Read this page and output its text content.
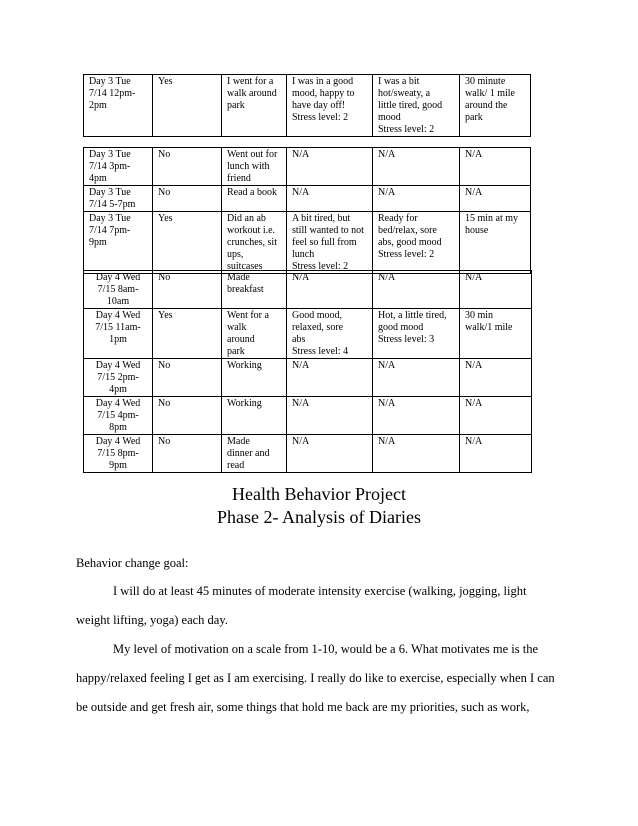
Day 3 Tue
7/14 12pm-
2pm	Yes	I went for a
walk around
park	I was in a good
mood, happy to
have day off!
Stress level: 2	I was a bit
hot/sweaty, a
little tired, good
mood
Stress level: 2	30 minute
walk/ 1 mile
around the
park
Day 3 Tue
7/14 3pm-
4pm	No	Went out for
lunch with
friend	N/A	N/A	N/A
Day 3 Tue
7/14 5-7pm	No	Read a book	N/A	N/A	N/A
Day 3 Tue
7/14 7pm-
9pm	Yes	Did an ab
workout i.e.
crunches, sit
ups,
suitcases	A bit tired, but
still wanted to not
feel so full from
lunch
Stress level: 2	Ready for
bed/relax, sore
abs, good mood
Stress level: 2	15 min at my
house
Day 4 Wed
7/15 8am-
10am	No	Made
breakfast	N/A	N/A	N/A
Day 4 Wed
7/15 11am-
1pm	Yes	Went for a
walk
around
park	Good mood,
relaxed, sore
abs
Stress level: 4	Hot, a little tired,
good mood
Stress level: 3	30 min
walk/1 mile
Day 4 Wed
7/15 2pm-
4pm	No	Working	N/A	N/A	N/A
Day 4 Wed
7/15 4pm-
8pm	No	Working	N/A	N/A	N/A
Day 4 Wed
7/15 8pm-
9pm	No	Made
dinner and
read	N/A	N/A	N/A
Health Behavior Project
Phase 2- Analysis of Diaries
Behavior change goal:
I will do at least 45 minutes of moderate intensity exercise (walking, jogging, light
weight lifting, yoga) each day.
My level of motivation on a scale from 1-10, would be a 6. What motivates me is the
happy/relaxed feeling I get as I am exercising. I really do like to exercise, especially when I can
be outside and get fresh air, some things that hold me back are my priorities, such as work,
